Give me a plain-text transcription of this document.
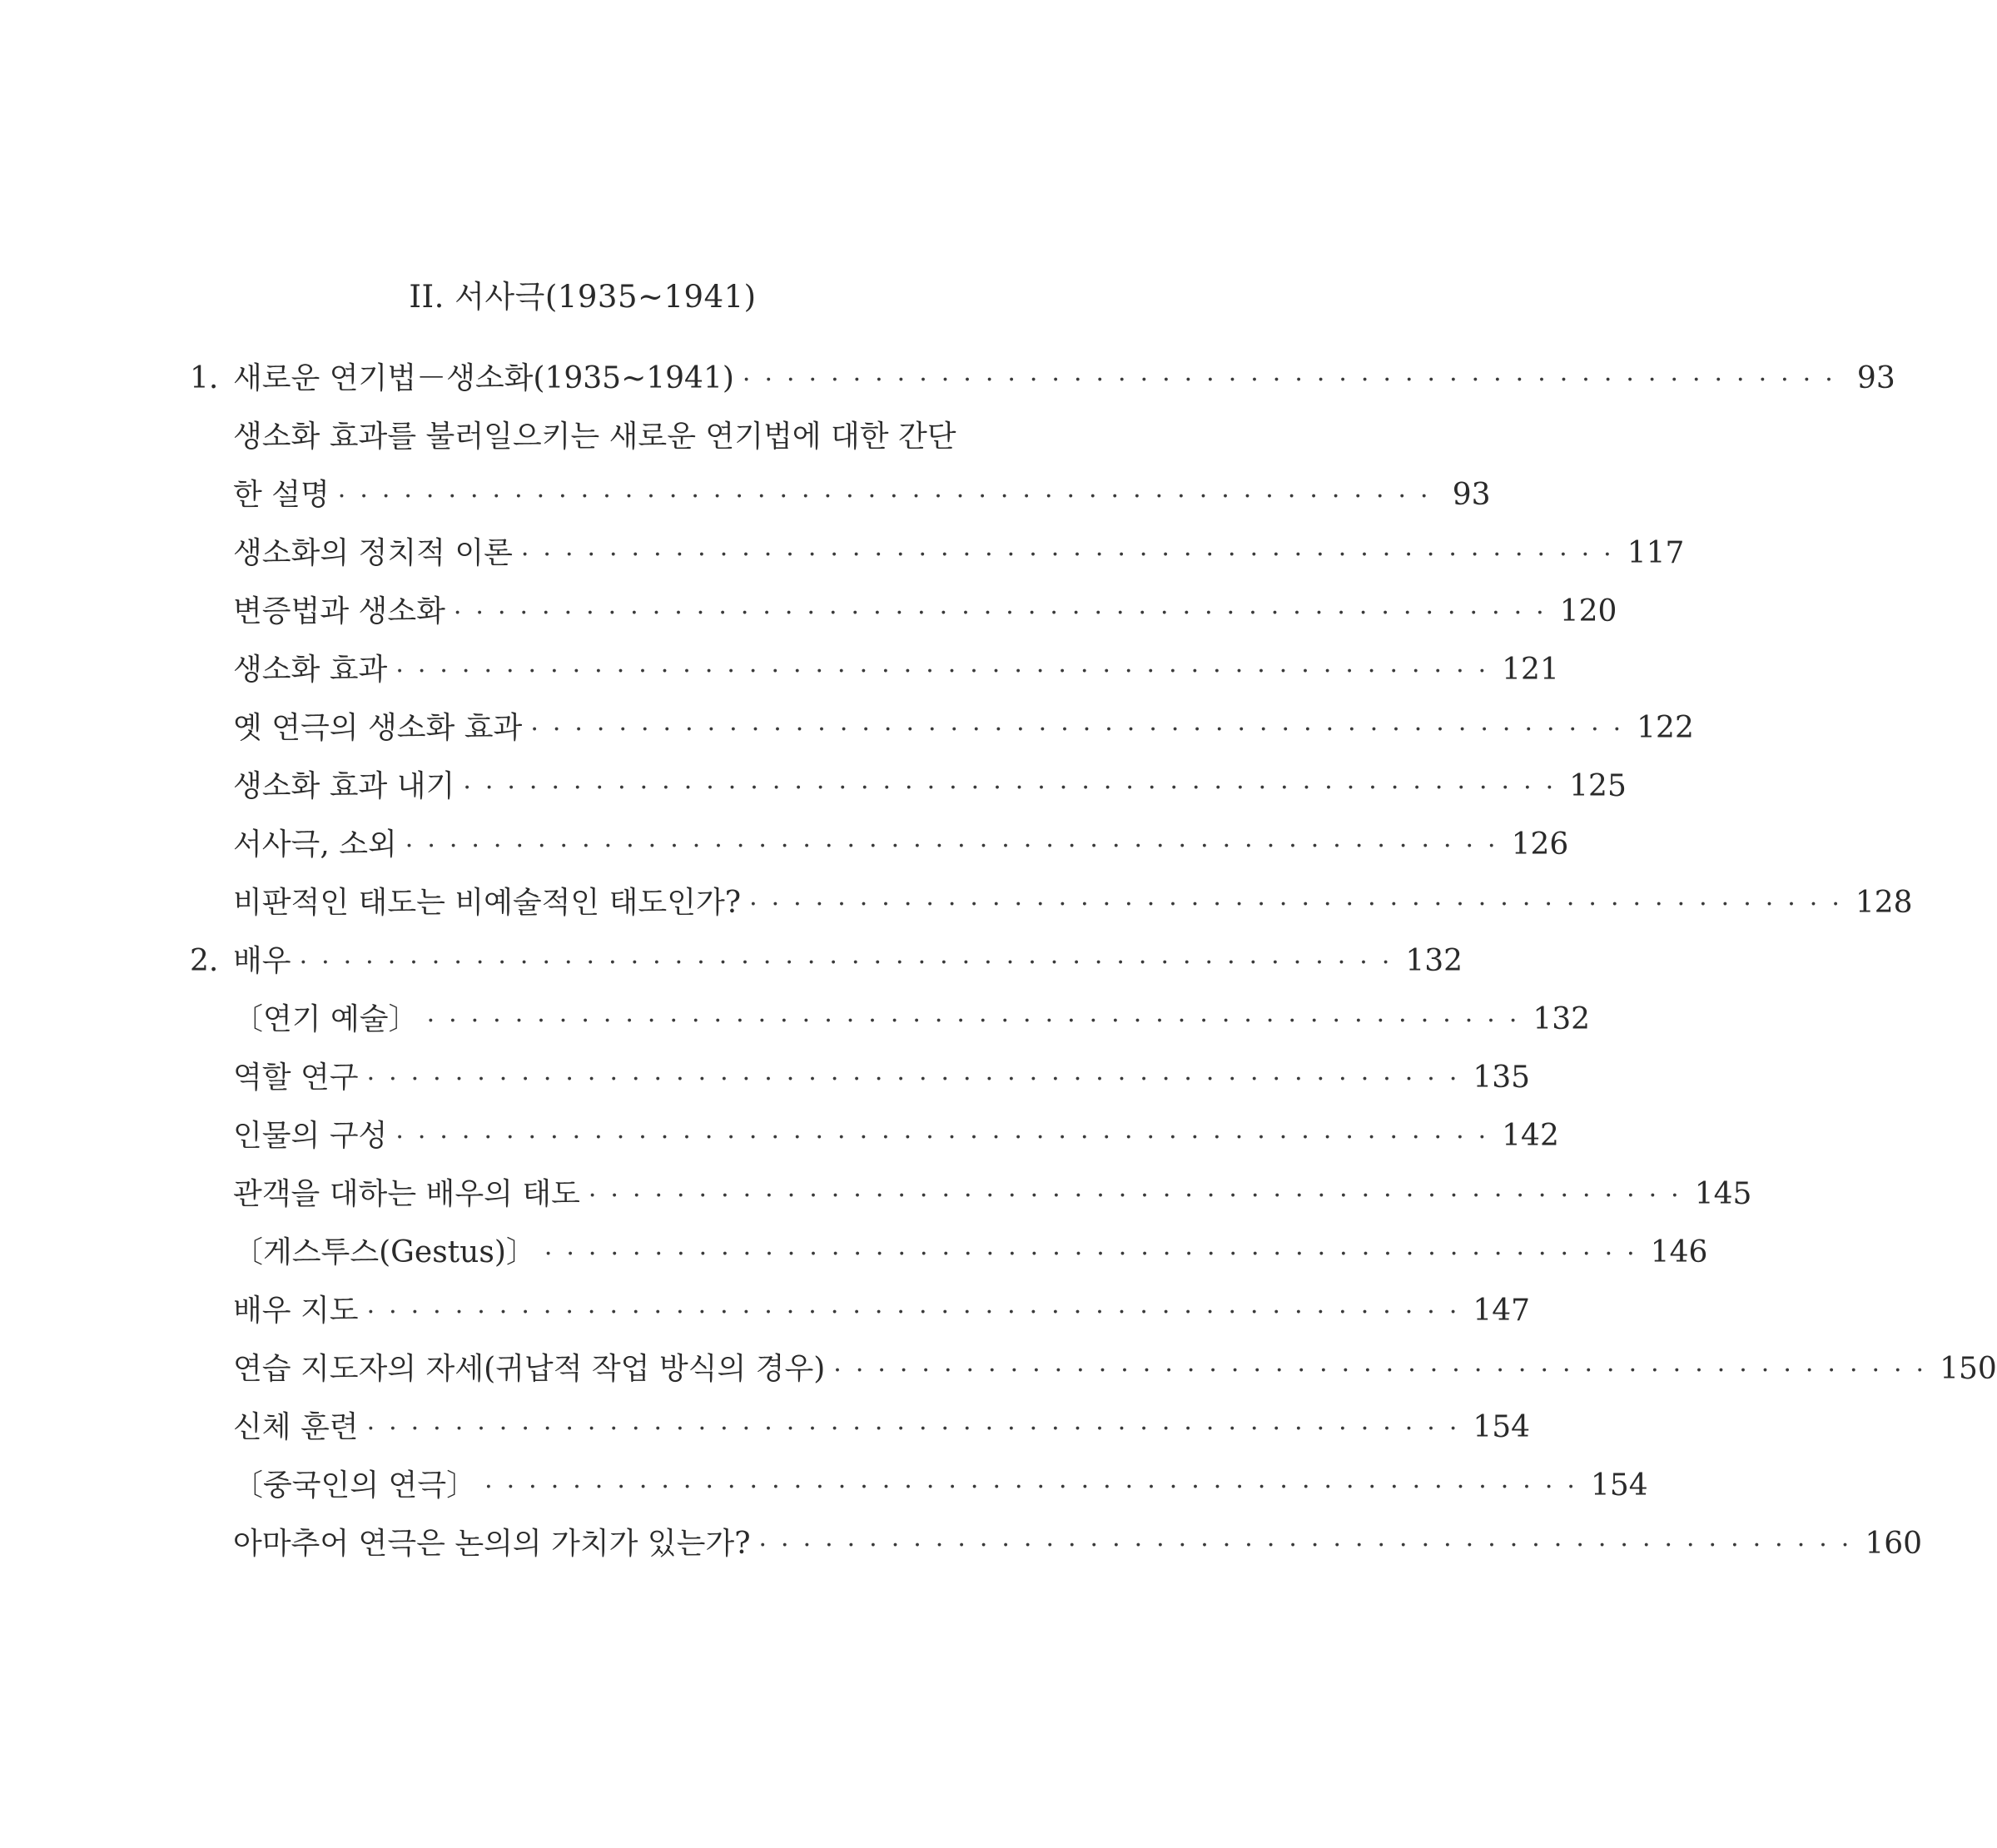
II. 서사극(1935~1941)
1. 새로운 연기법－생소화(1935~1941) ·················································· 93
생소화 효과를 불러일으키는 새로운 연기법에 대한 간단
한 설명 ·················································· 93
생소화의 정치적 이론 ·················································· 117
변증법과 생소화 ·················································· 120
생소화 효과 ·················································· 121
옛 연극의 생소화 효과 ·················································· 122
생소화 효과 내기 ·················································· 125
서사극, 소외 ·················································· 126
비판적인 태도는 비예술적인 태도인가? ·················································· 128
2. 배우 ·················································· 132
〔연기 예술〕 ·················································· 132
역할 연구 ·················································· 135
인물의 구성 ·················································· 142
관객을 대하는 배우의 태도 ·················································· 145
〔게스투스(Gestus)〕 ·················································· 146
배우 지도 ·················································· 147
연습 지도자의 자세(귀납적 작업 방식의 경우) ·················································· 150
신체 훈련 ·················································· 154
〔중국인의 연극〕 ·················································· 154
아마추어 연극은 논의의 가치가 있는가? ·················································· 160
